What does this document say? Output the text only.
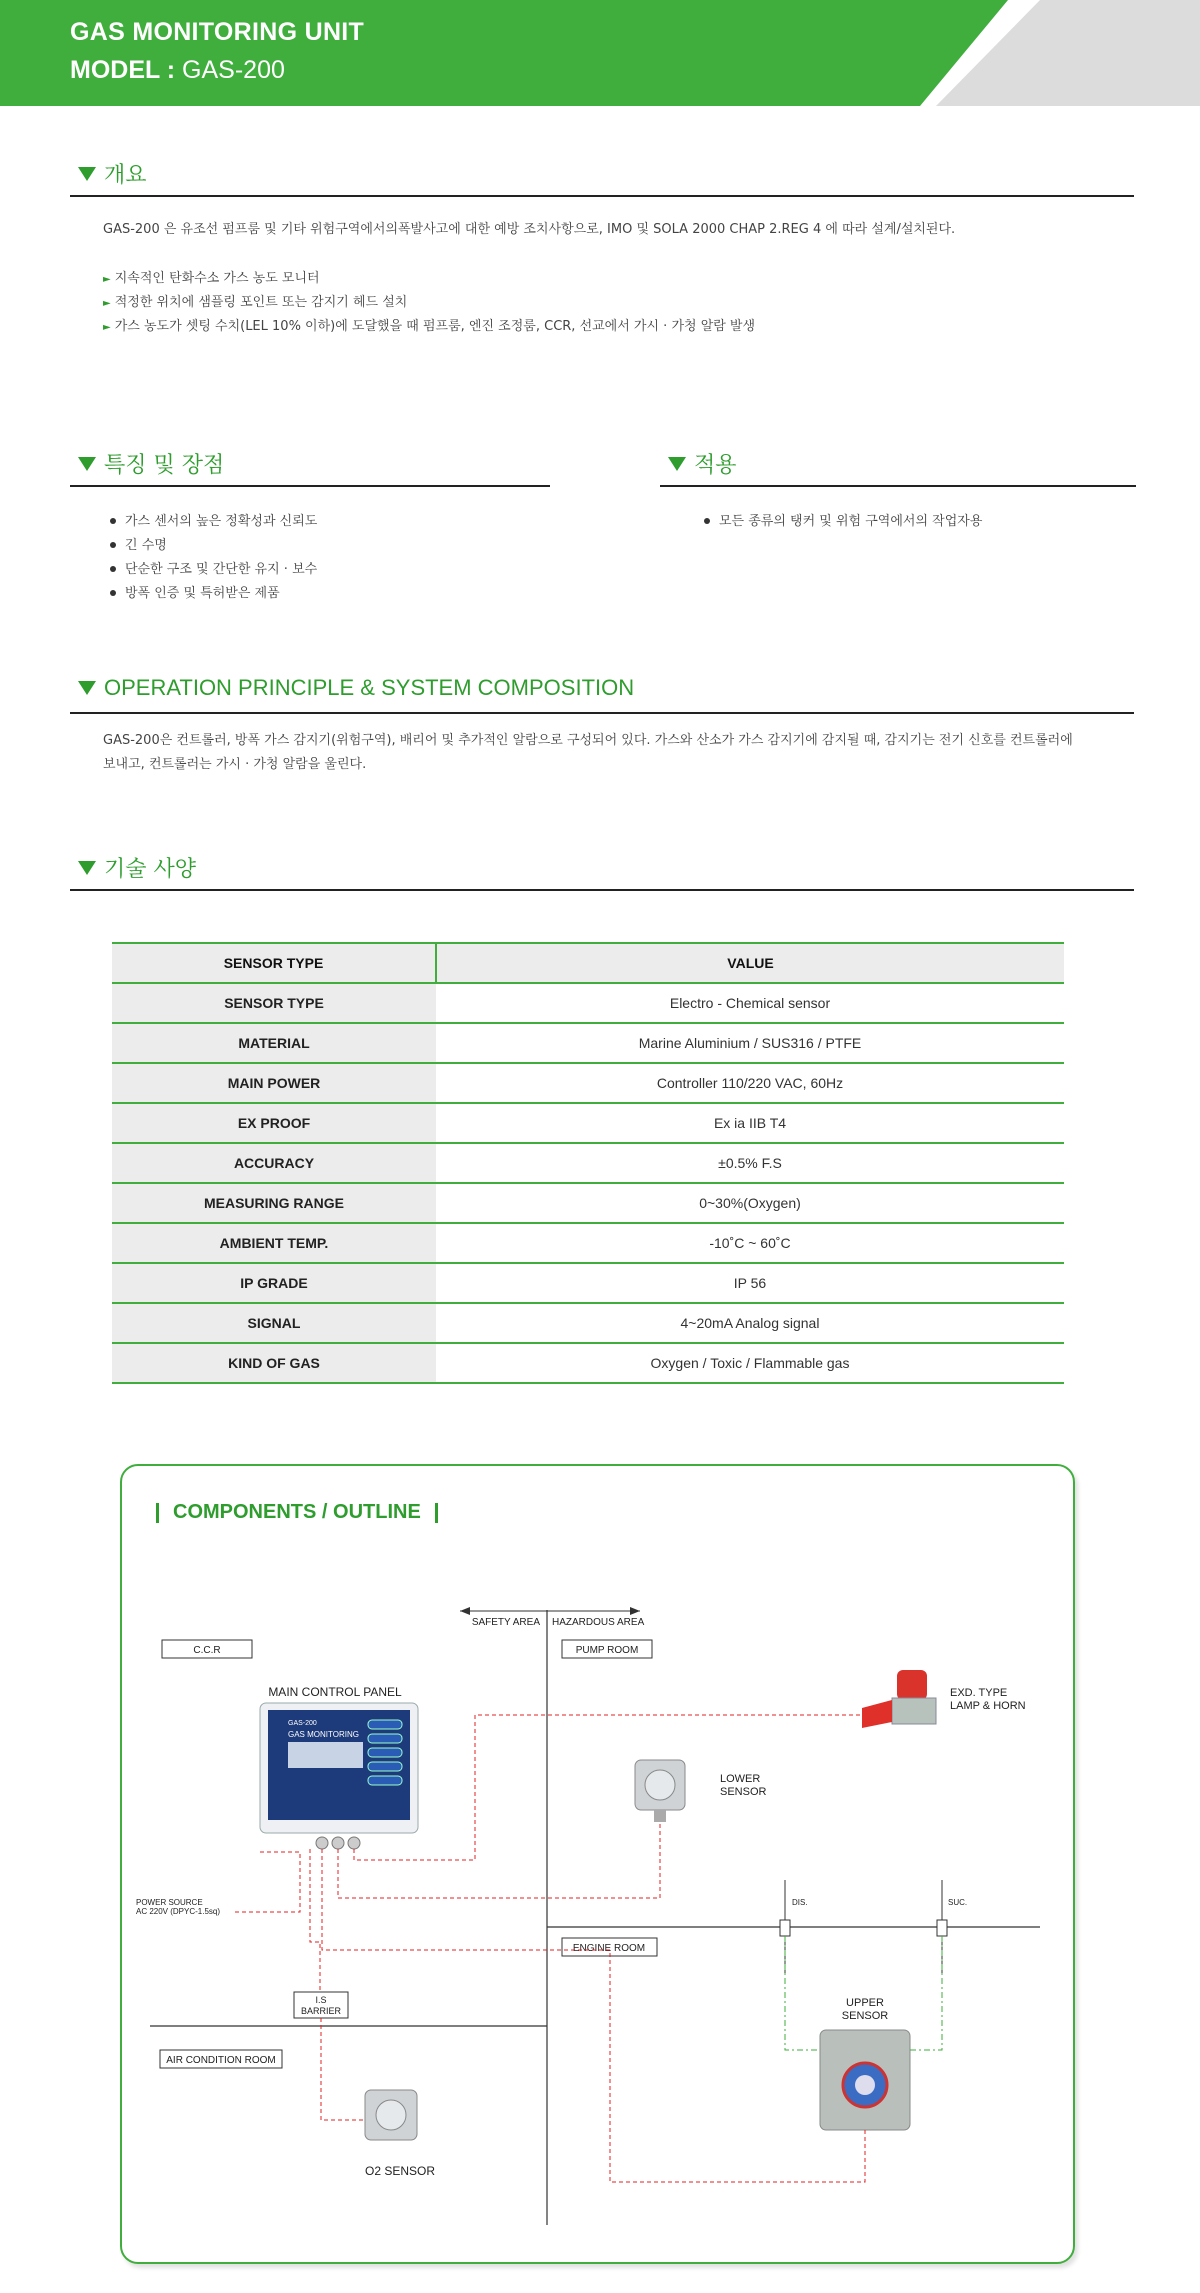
GAS MONITORING UNIT
MODEL : GAS-200
개요
GAS-200 은 유조선 펌프룸 및 기타 위험구역에서의폭발사고에 대한 예방 조치사항으로, IMO 및 SOLA 2000 CHAP 2.REG 4 에 따라 설계/설치된다.
► 지속적인 탄화수소 가스 농도 모니터
► 적정한 위치에 샘플링 포인트 또는 감지기 헤드 설치
► 가스 농도가 셋팅 수치(LEL 10% 이하)에 도달했을 때 펌프룸, 엔진 조정룸, CCR, 선교에서 가시 · 가청 알람 발생
특징 및 장점
가스 센서의 높은 정확성과 신뢰도
긴 수명
단순한 구조 및 간단한 유지 · 보수
방폭 인증 및 특허받은 제품
적용
모든 종류의 탱커 및 위험 구역에서의 작업자용
OPERATION PRINCIPLE & SYSTEM COMPOSITION
GAS-200은 컨트롤러, 방폭 가스 감지기(위험구역), 배리어 및 추가적인 알람으로 구성되어 있다. 가스와 산소가 가스 감지기에 감지될 때, 감지기는 전기 신호를 컨트롤러에
보내고, 컨트롤러는 가시 · 가청 알람을 울린다.
기술 사양
SENSOR TYPE	VALUE
SENSOR TYPE	Electro - Chemical sensor
MATERIAL	Marine Aluminium / SUS316 / PTFE
MAIN POWER	Controller 110/220 VAC, 60Hz
EX PROOF	Ex ia IIB T4
ACCURACY	±0.5% F.S
MEASURING RANGE	0~30%(Oxygen)
AMBIENT TEMP.	-10˚C ~ 60˚C
IP GRADE	IP 56
SIGNAL	4~20mA Analog signal
KIND OF GAS	Oxygen / Toxic / Flammable gas
COMPONENTS / OUTLINE
SAFETY AREA HAZARDOUS AREA
C.C.R	PUMP ROOM
ENGINE ROOM
AIR CONDITION ROOM
MAIN CONTROL PANEL
GAS-200
GAS MONITORING
EXD. TYPE
LAMP & HORN
LOWER
SENSOR
POWER SOURCE
AC 220V (DPYC-1.5sq)
DIS.	SUC.
I.S
BARRIER
UPPER
SENSOR
O2 SENSOR
